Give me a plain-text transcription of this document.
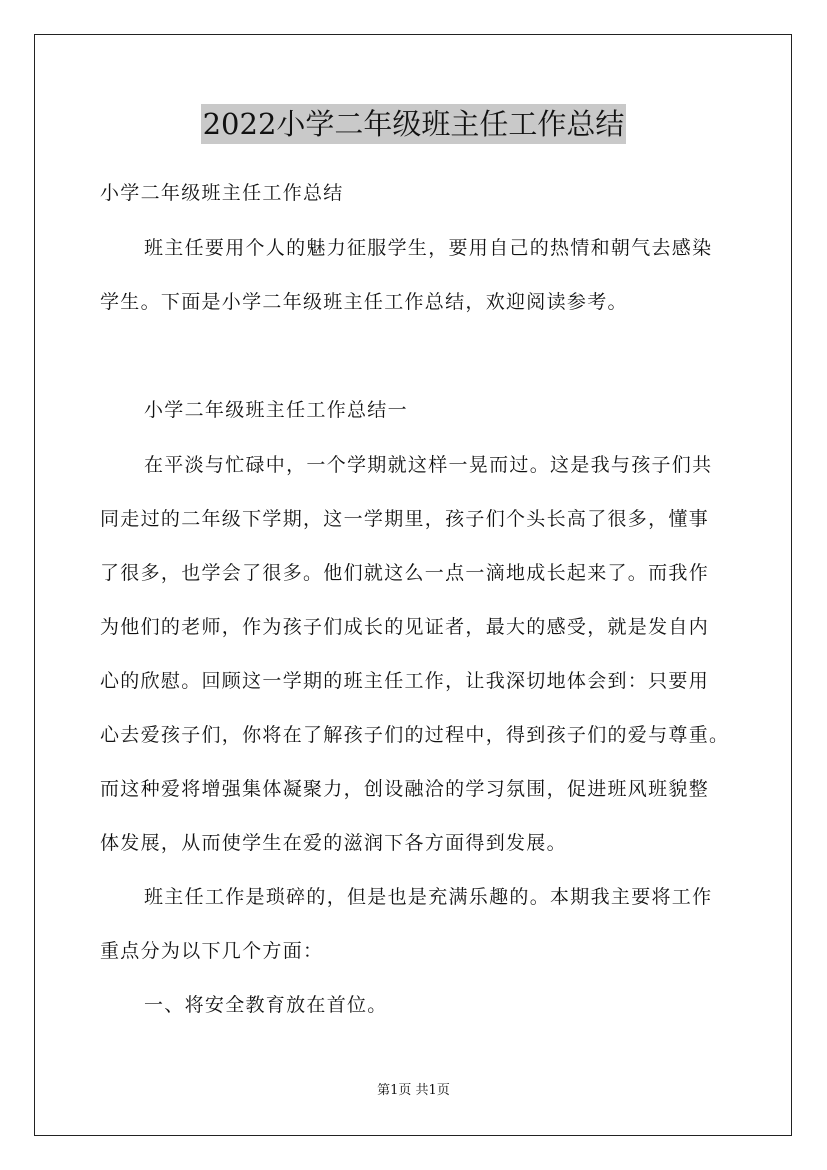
2022小学二年级班主任工作总结
小学二年级班主任工作总结
班主任要用个人的魅力征服学生，要用自己的热情和朝气去感染
学生。下面是小学二年级班主任工作总结，欢迎阅读参考。
小学二年级班主任工作总结一
在平淡与忙碌中，一个学期就这样一晃而过。这是我与孩子们共
同走过的二年级下学期，这一学期里，孩子们个头长高了很多，懂事
了很多，也学会了很多。他们就这么一点一滴地成长起来了。而我作
为他们的老师，作为孩子们成长的见证者，最大的感受，就是发自内
心的欣慰。回顾这一学期的班主任工作，让我深切地体会到：只要用
心去爱孩子们，你将在了解孩子们的过程中，得到孩子们的爱与尊重。
而这种爱将增强集体凝聚力，创设融洽的学习氛围，促进班风班貌整
体发展，从而使学生在爱的滋润下各方面得到发展。
班主任工作是琐碎的，但是也是充满乐趣的。本期我主要将工作
重点分为以下几个方面：
一、将安全教育放在首位。
第1页 共1页
